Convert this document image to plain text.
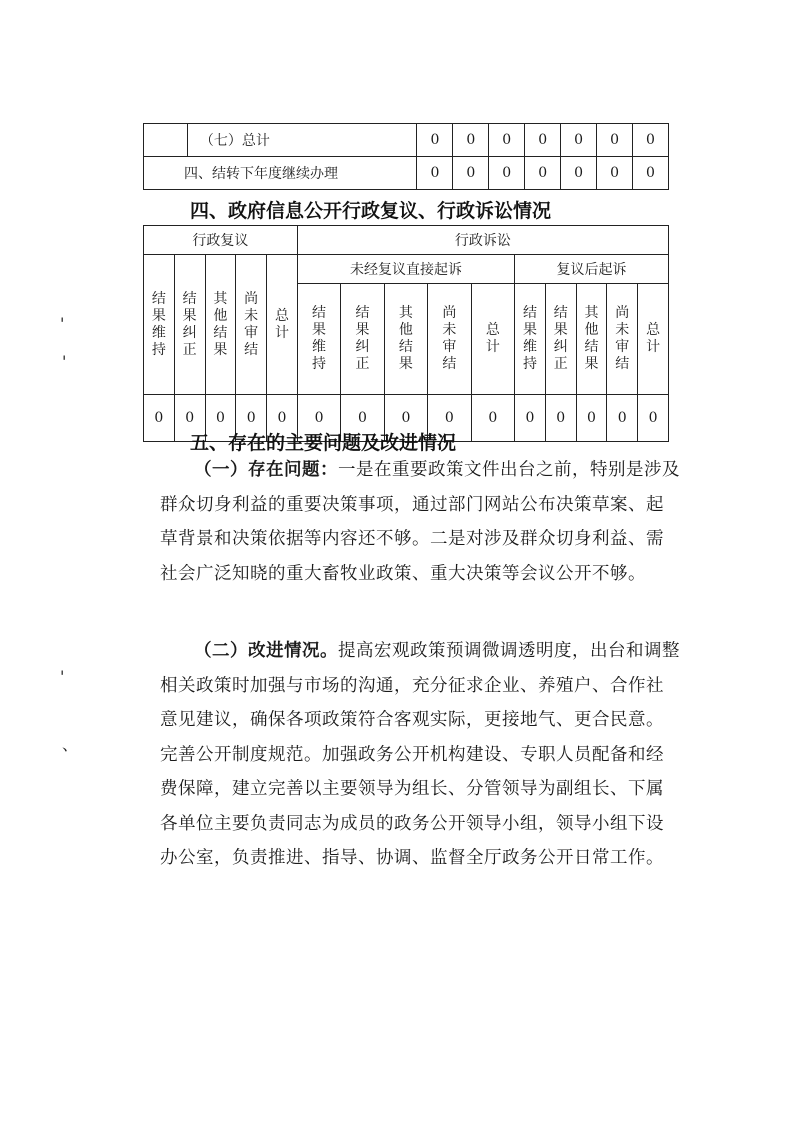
	（七）总计	0	0	0	0	0	0	0
四、结转下年度继续办理		0	0	0	0	0	0	0
四、政府信息公开行政复议、行政诉讼情况
行政复议					行政诉讼									
结果维持	结果纠正	其他结果	尚未审结	总计	未经复议直接起诉					复议后起诉				
					结果维持	结果纠正	其他结果	尚未审结	总计	结果维持	结果纠正	其他结果	尚未审结	总计
0	0	0	0	0	0	0	0	0	0	0	0	0	0	0
五、存在的主要问题及改进情况

（一）存在问题：一是在重要政策文件出台之前，特别是涉及群众切身利益的重要决策事项，通过部门网站公布决策草案、起草背景和决策依据等内容还不够。二是对涉及群众切身利益、需社会广泛知晓的重大畜牧业政策、重大决策等会议公开不够。

（二）改进情况。提高宏观政策预调微调透明度，出台和调整相关政策时加强与市场的沟通，充分征求企业、养殖户、合作社意见建议，确保各项政策符合客观实际，更接地气、更合民意。完善公开制度规范。加强政务公开机构建设、专职人员配备和经费保障，建立完善以主要领导为组长、分管领导为副组长、下属各单位主要负责同志为成员的政务公开领导小组，领导小组下设办公室，负责推进、指导、协调、监督全厅政务公开日常工作。

'
'
'
、
